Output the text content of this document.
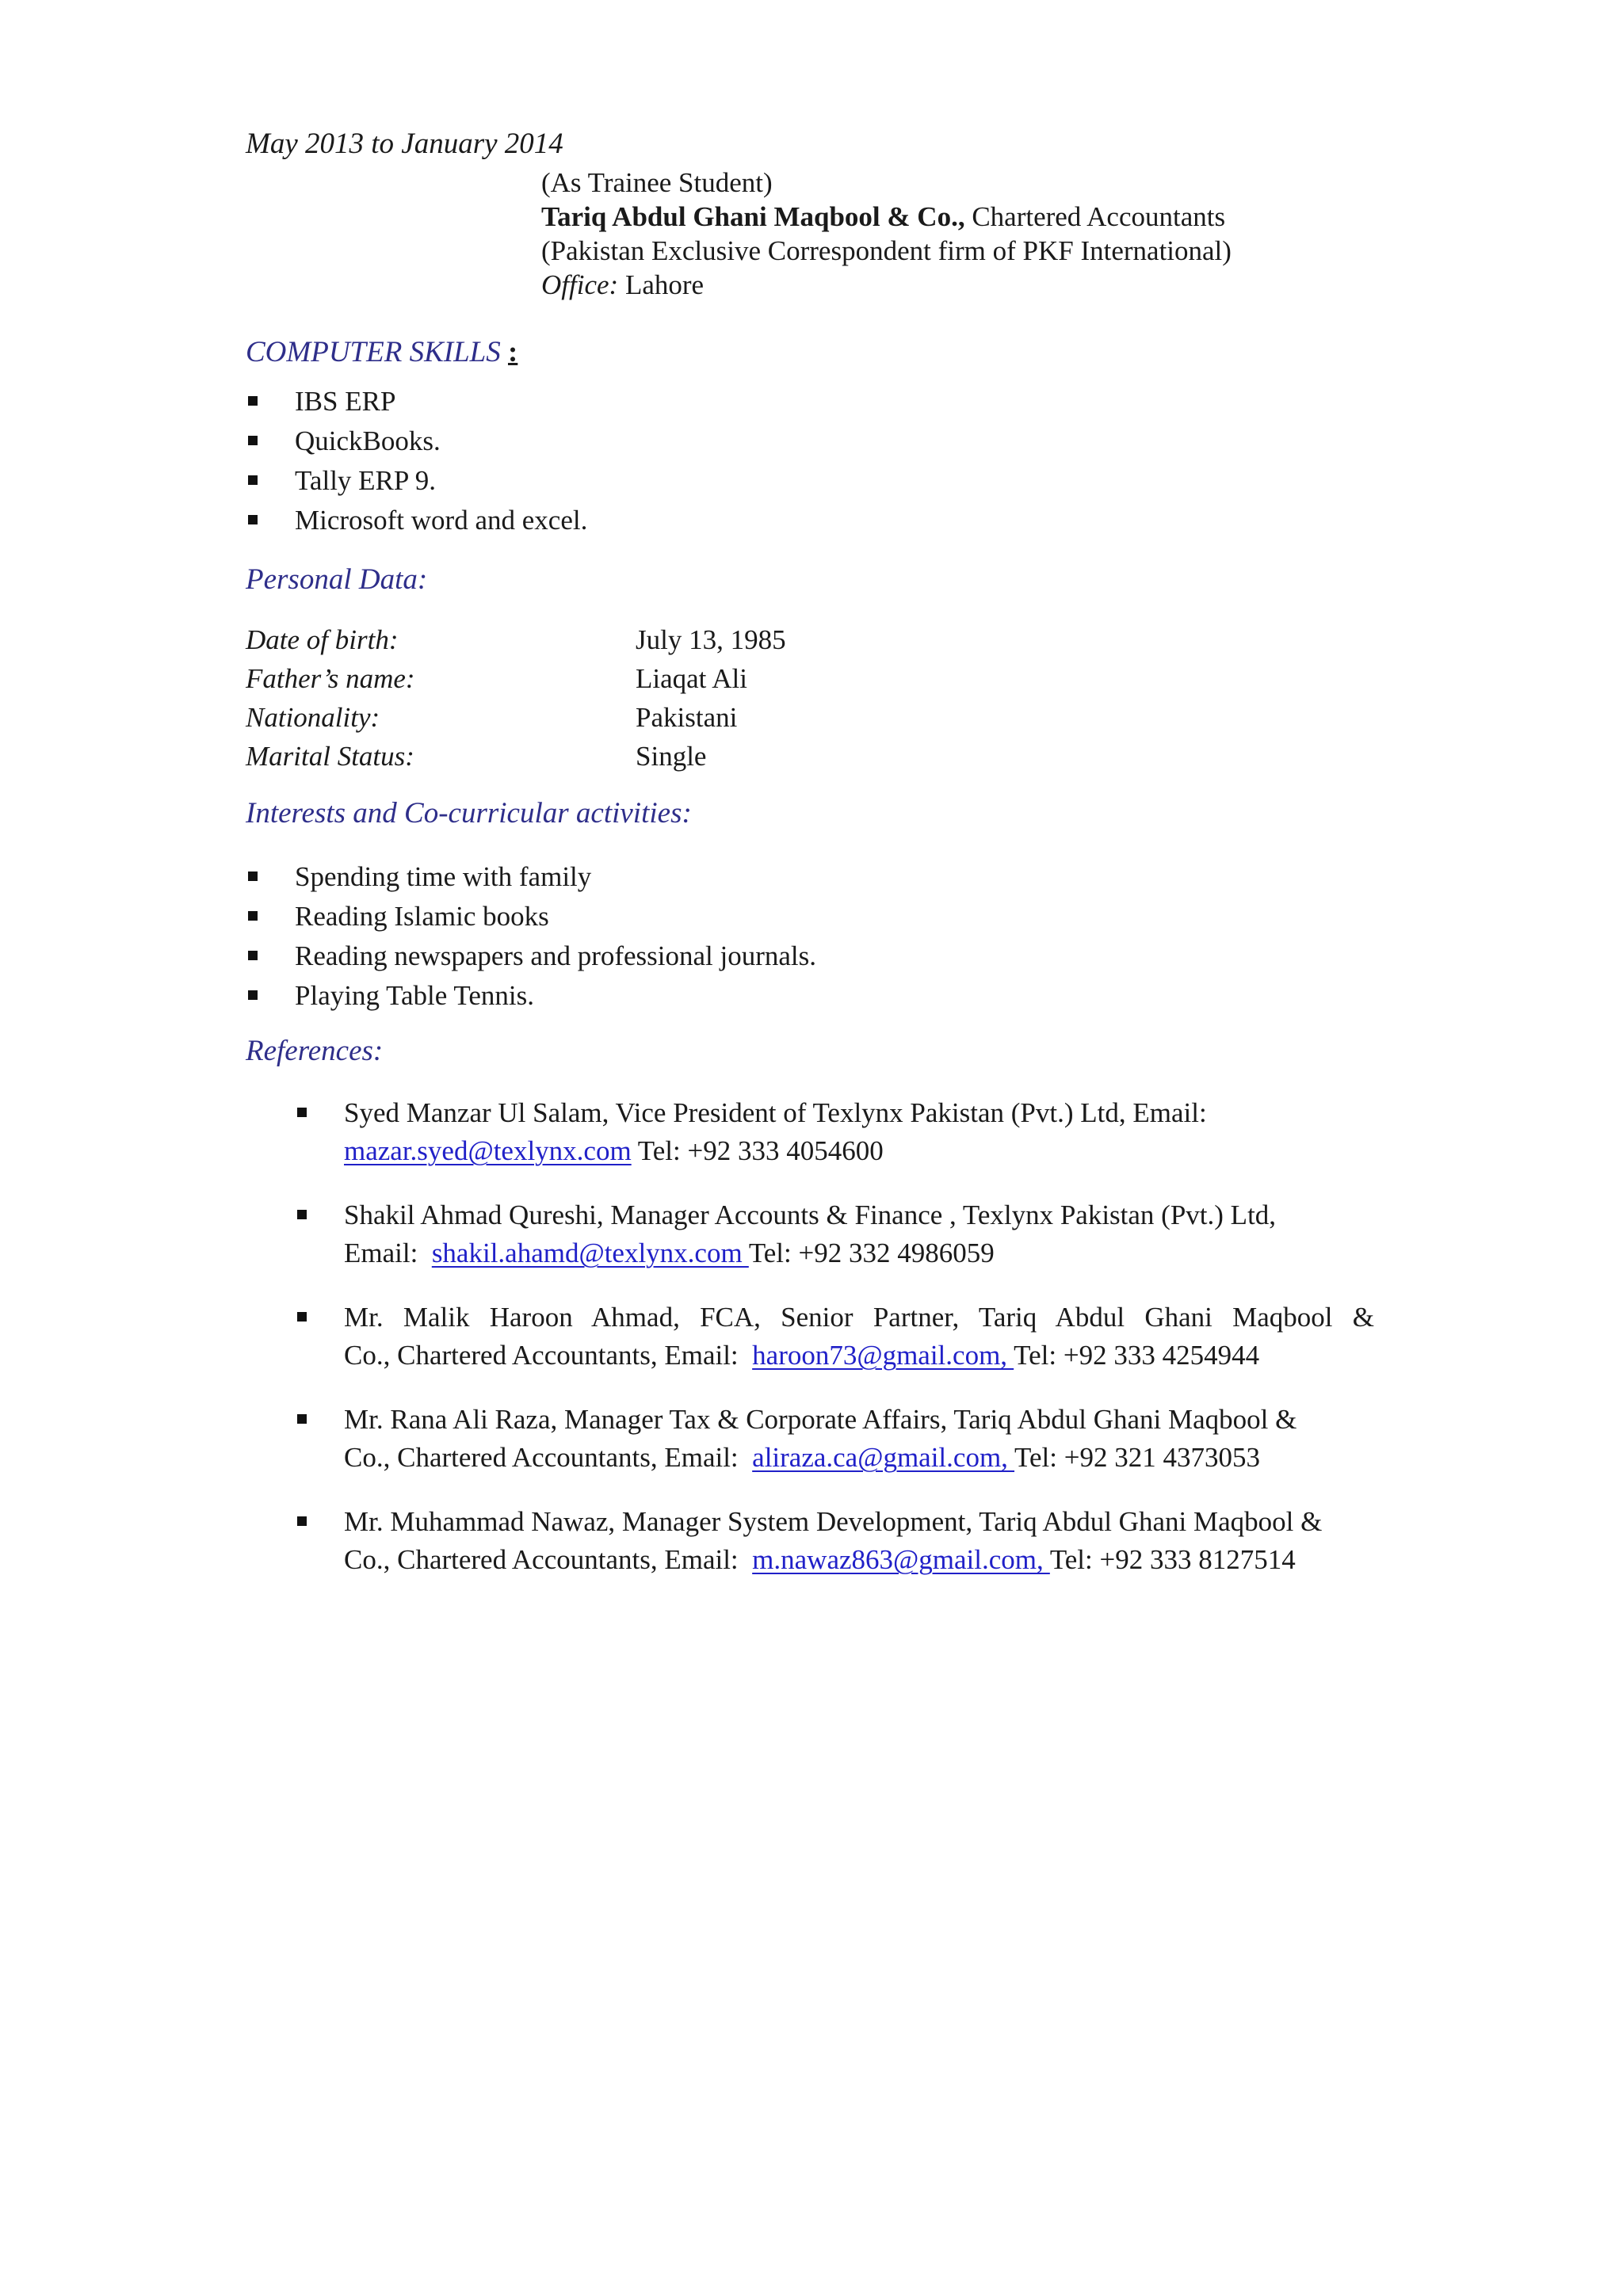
May 2013 to January 2014
(As Trainee Student)
Tariq Abdul Ghani Maqbool & Co., Chartered Accountants
(Pakistan Exclusive Correspondent firm of PKF International)
Office: Lahore
COMPUTER SKILLS :
IBS ERP
QuickBooks.
Tally ERP 9.
Microsoft word and excel.
Personal Data:
Date of birth:	July 13, 1985
Father’s name:	Liaqat Ali
Nationality:	Pakistani
Marital Status:	Single
Interests and Co-curricular activities:
Spending time with family
Reading Islamic books
Reading newspapers and professional journals.
Playing Table Tennis.
References:
Syed Manzar Ul Salam, Vice President of Texlynx Pakistan (Pvt.) Ltd, Email:
mazar.syed@texlynx.com Tel: +92 333 4054600
Shakil Ahmad Qureshi, Manager Accounts & Finance , Texlynx Pakistan (Pvt.) Ltd,
Email:  shakil.ahamd@texlynx.com Tel: +92 332 4986059
Mr. Malik Haroon Ahmad, FCA, Senior Partner, Tariq Abdul Ghani Maqbool &
Co., Chartered Accountants, Email:  haroon73@gmail.com, Tel: +92 333 4254944
Mr. Rana Ali Raza, Manager Tax & Corporate Affairs, Tariq Abdul Ghani Maqbool &
Co., Chartered Accountants, Email:  aliraza.ca@gmail.com, Tel: +92 321 4373053
Mr. Muhammad Nawaz, Manager System Development, Tariq Abdul Ghani Maqbool &
Co., Chartered Accountants, Email:  m.nawaz863@gmail.com, Tel: +92 333 8127514
